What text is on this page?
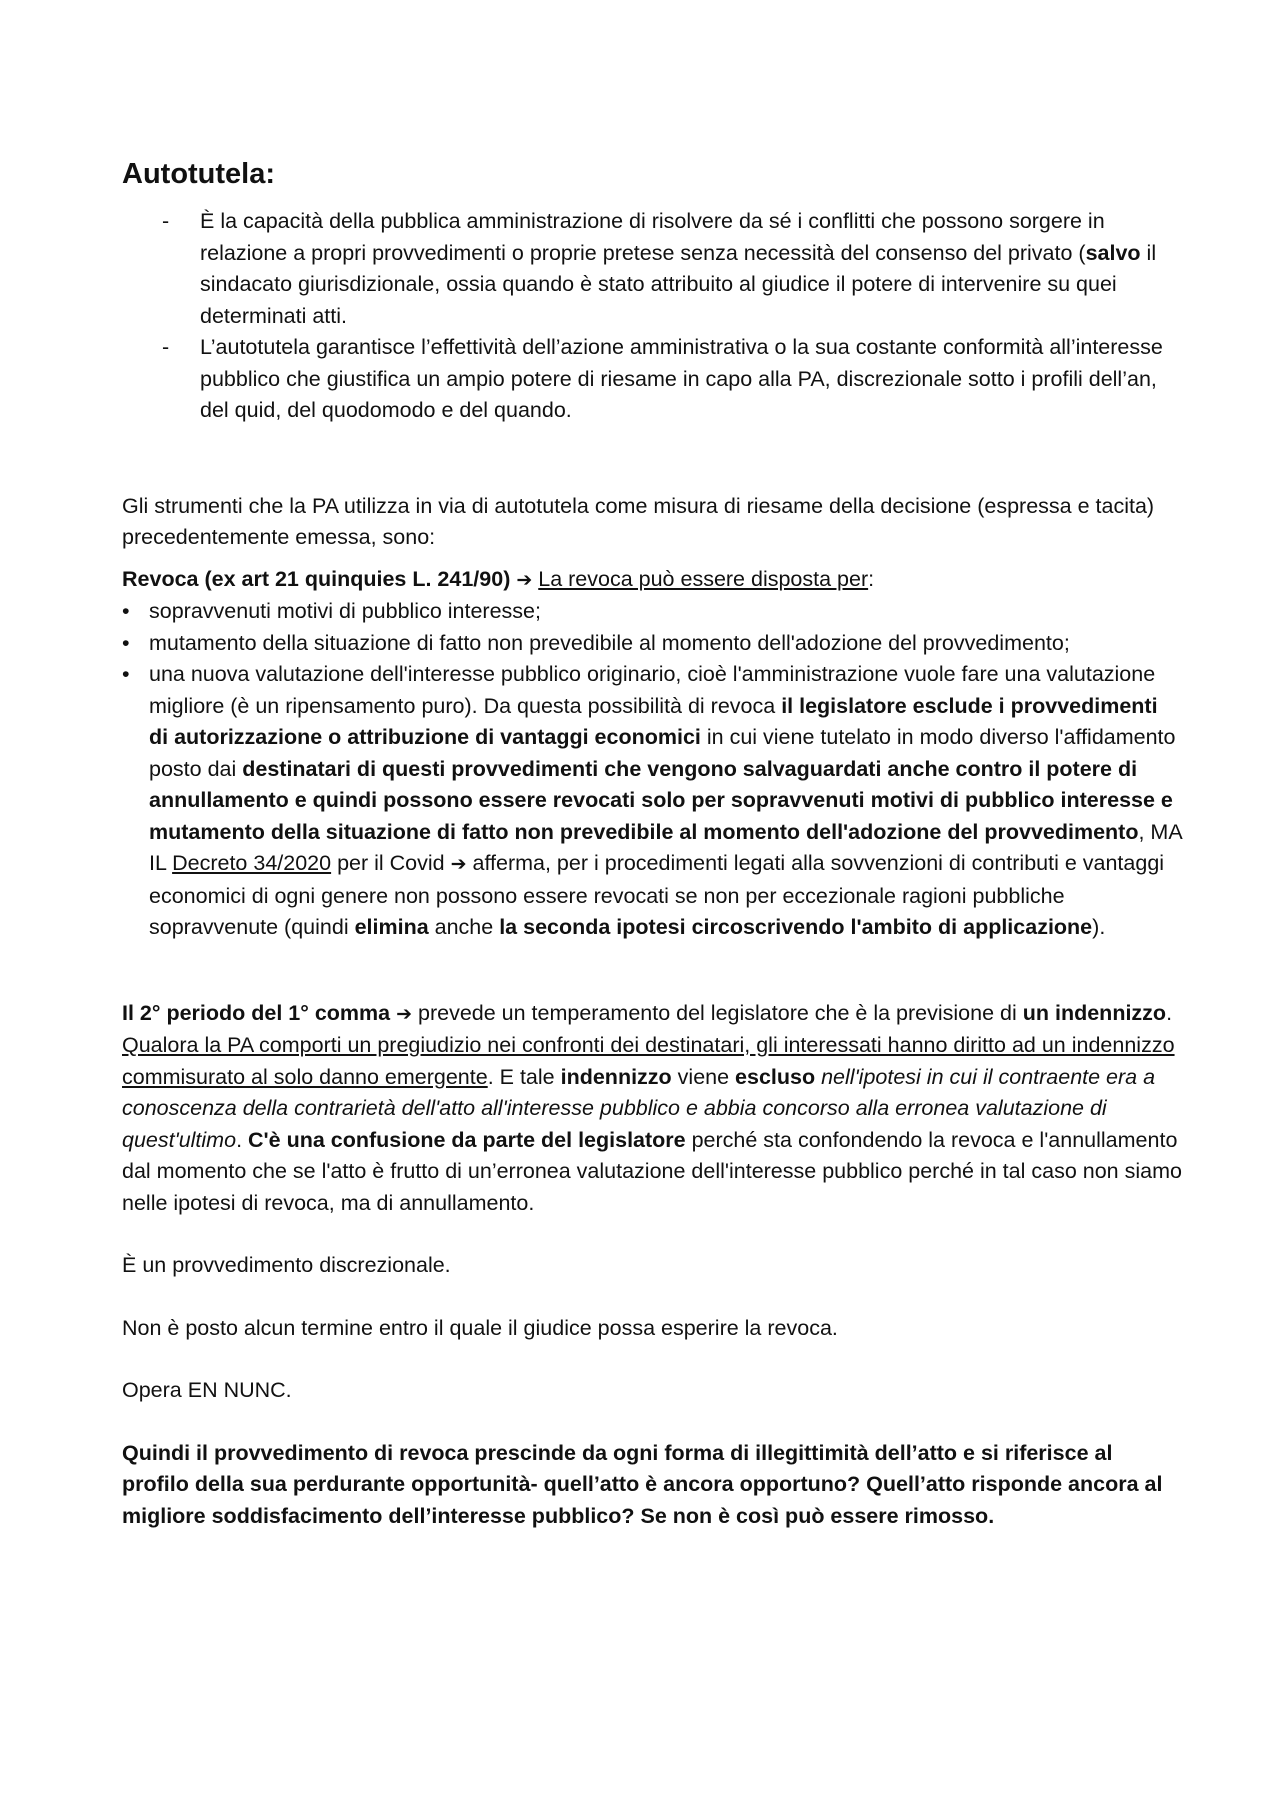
Autotutela:
- È la capacità della pubblica amministrazione di risolvere da sé i conflitti che possono sorgere in relazione a propri provvedimenti o proprie pretese senza necessità del consenso del privato (salvo il sindacato giurisdizionale, ossia quando è stato attribuito al giudice il potere di intervenire su quei determinati atti.
- L’autotutela garantisce l’effettività dell’azione amministrativa o la sua costante conformità all’interesse pubblico che giustifica un ampio potere di riesame in capo alla PA, discrezionale sotto i profili dell’an, del quid, del quodomodo e del quando.

Gli strumenti che la PA utilizza in via di autotutela come misura di riesame della decisione (espressa e tacita) precedentemente emessa, sono:

Revoca (ex art 21 quinquies L. 241/90) ➔ La revoca può essere disposta per:

• sopravvenuti motivi di pubblico interesse;
• mutamento della situazione di fatto non prevedibile al momento dell'adozione del provvedimento;
• una nuova valutazione dell'interesse pubblico originario, cioè l'amministrazione vuole fare una valutazione migliore (è un ripensamento puro). Da questa possibilità di revoca il legislatore esclude i provvedimenti di autorizzazione o attribuzione di vantaggi economici in cui viene tutelato in modo diverso l'affidamento posto dai destinatari di questi provvedimenti che vengono salvaguardati anche contro il potere di annullamento e quindi possono essere revocati solo per sopravvenuti motivi di pubblico interesse e mutamento della situazione di fatto non prevedibile al momento dell'adozione del provvedimento, MA IL Decreto 34/2020 per il Covid ➔ afferma, per i procedimenti legati alla sovvenzioni di contributi e vantaggi economici di ogni genere non possono essere revocati se non per eccezionale ragioni pubbliche sopravvenute (quindi elimina anche la seconda ipotesi circoscrivendo l'ambito di applicazione).

Il 2° periodo del 1° comma ➔ prevede un temperamento del legislatore che è la previsione di un indennizzo. Qualora la PA comporti un pregiudizio nei confronti dei destinatari, gli interessati hanno diritto ad un indennizzo commisurato al solo danno emergente. E tale indennizzo viene escluso nell'ipotesi in cui il contraente era a conoscenza della contrarietà dell'atto all'interesse pubblico e abbia concorso alla erronea valutazione di quest'ultimo. C'è una confusione da parte del legislatore perché sta confondendo la revoca e l'annullamento dal momento che se l'atto è frutto di un’erronea valutazione dell'interesse pubblico perché in tal caso non siamo nelle ipotesi di revoca, ma di annullamento.

È un provvedimento discrezionale.

Non è posto alcun termine entro il quale il giudice possa esperire la revoca.

Opera EN NUNC.

Quindi il provvedimento di revoca prescinde da ogni forma di illegittimità dell’atto e si riferisce al profilo della sua perdurante opportunità- quell’atto è ancora opportuno? Quell’atto risponde ancora al migliore soddisfacimento dell’interesse pubblico? Se non è così può essere rimosso.
